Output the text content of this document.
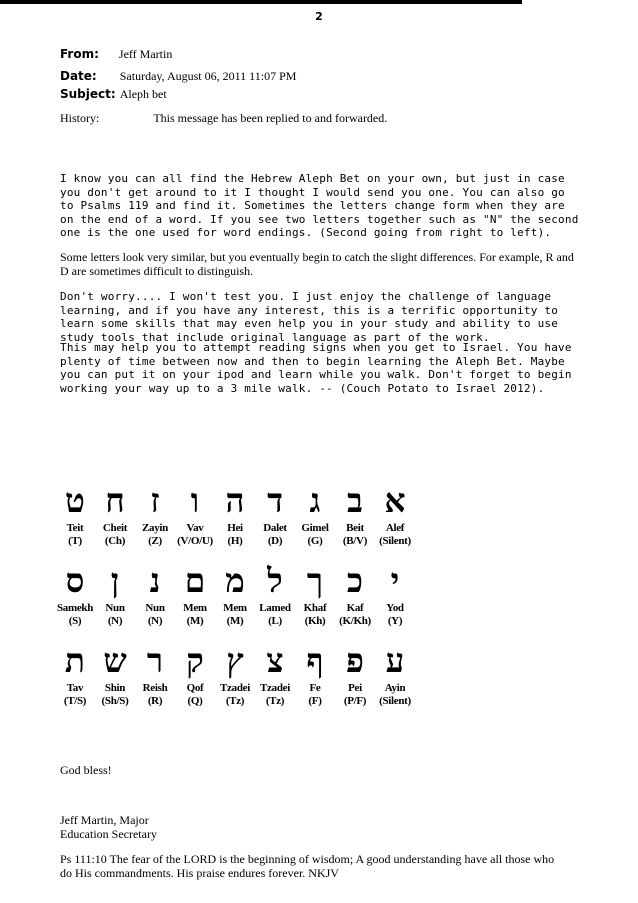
2
From: Jeff Martin
Date: Saturday, August 06, 2011 11:07 PM
Subject: Aleph bet
History:	This message has been replied to and forwarded.

I know you can all find the Hebrew Aleph Bet on your own, but just in case you don't get around to it I thought I would send you one. You can also go to Psalms 119 and find it. Sometimes the letters change form when they are on the end of a word. If you see two letters together such as "N" the second one is the one used for word endings. (Second going from right to left).

Some letters look very similar, but you eventually begin to catch the slight differences. For example, R and D are sometimes difficult to distinguish.

Don't worry.... I won't test you. I just enjoy the challenge of language learning, and if you have any interest, this is a terrific opportunity to learn some skills that may even help you in your study and ability to use study tools that include original language as part of the work.

This may help you to attempt reading signs when you get to Israel. You have plenty of time between now and then to begin learning the Aleph Bet. Maybe you can put it on your ipod and learn while you walk. Don't forget to begin working your way up to a 3 mile walk. -- (Couch Potato to Israel 2012).

ט
Teit
(T)
ח
Cheit
(Ch)
ז
Zayin
(Z)
ו
Vav
(V/O/U)
ה
Hei
(H)
ד
Dalet
(D)
ג
Gimel
(G)
ב
Beit
(B/V)
א
Alef
(Silent)
ס
Samekh
(S)
ן
Nun
(N)
נ
Nun
(N)
ם
Mem
(M)
מ
Mem
(M)
ל
Lamed
(L)
ך
Khaf
(Kh)
כ
Kaf
(K/Kh)
י
Yod
(Y)
ת
Tav
(T/S)
ש
Shin
(Sh/S)
ר
Reish
(R)
ק
Qof
(Q)
ץ
Tzadei
(Tz)
צ
Tzadei
(Tz)
ף
Fe
(F)
פ
Pei
(P/F)
ע
Ayin
(Silent)

God bless!

Jeff Martin, Major

Education Secretary

Ps 111:10 The fear of the LORD is the beginning of wisdom; A good understanding have all those who do His commandments. His praise endures forever. NKJV
